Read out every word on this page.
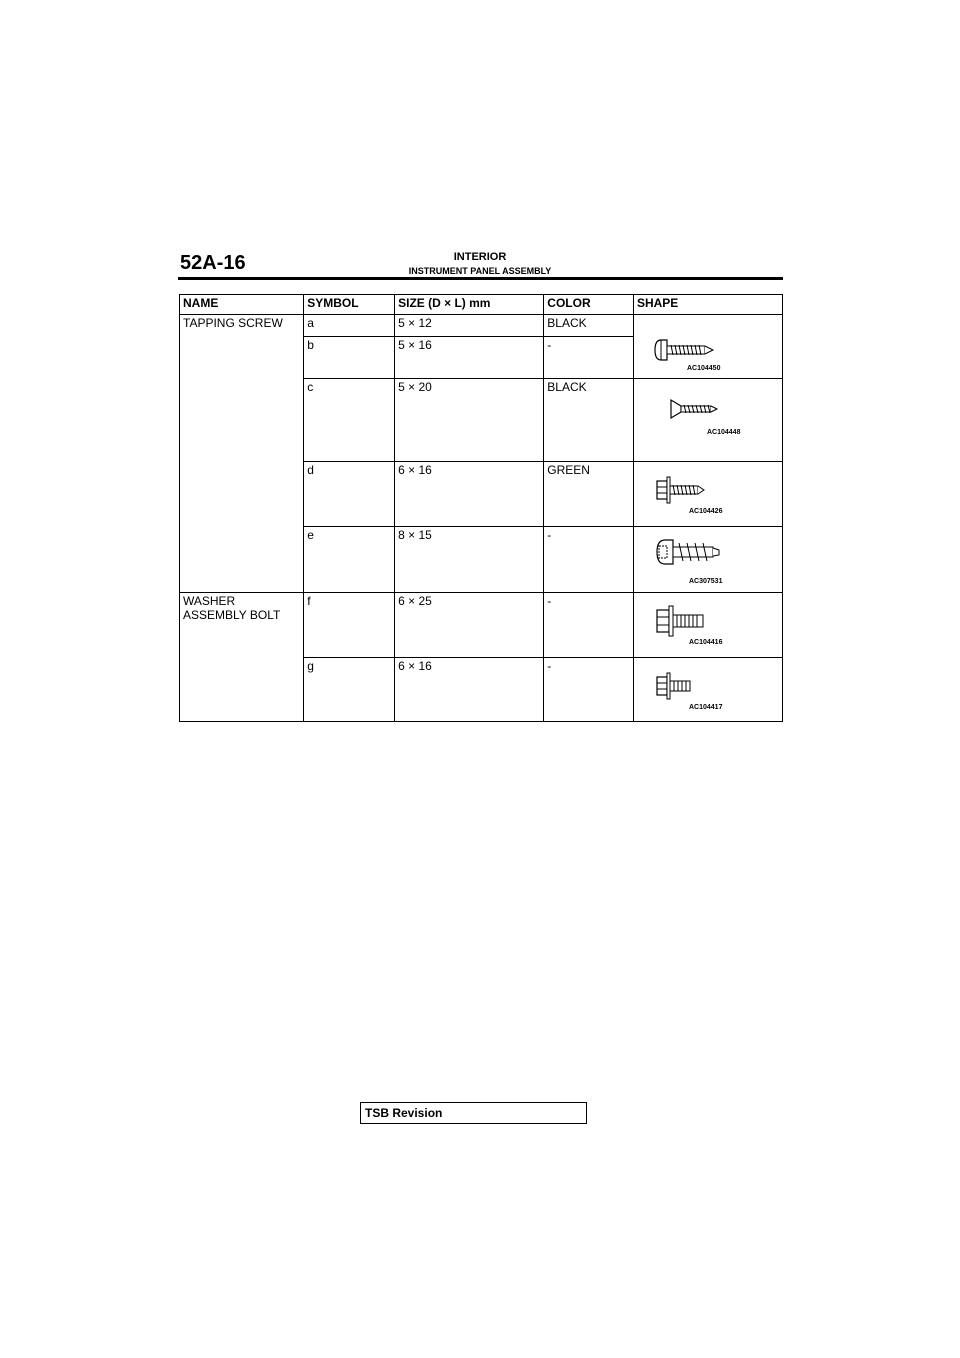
52A-16	INTERIOR
INSTRUMENT PANEL ASSEMBLY
NAME	SYMBOL	SIZE (D × L) mm	COLOR	SHAPE
TAPPING SCREW	a	5 × 12	BLACK	AC104450

	b	5 × 16	-	
	c	5 × 20	BLACK	AC104448

	d	6 × 16	GREEN	AC104426

	e	8 × 15	-	AC307531

WASHER
ASSEMBLY BOLT	f	6 × 25	-	AC104416

	g	6 × 16	-	AC104417
TSB Revision
